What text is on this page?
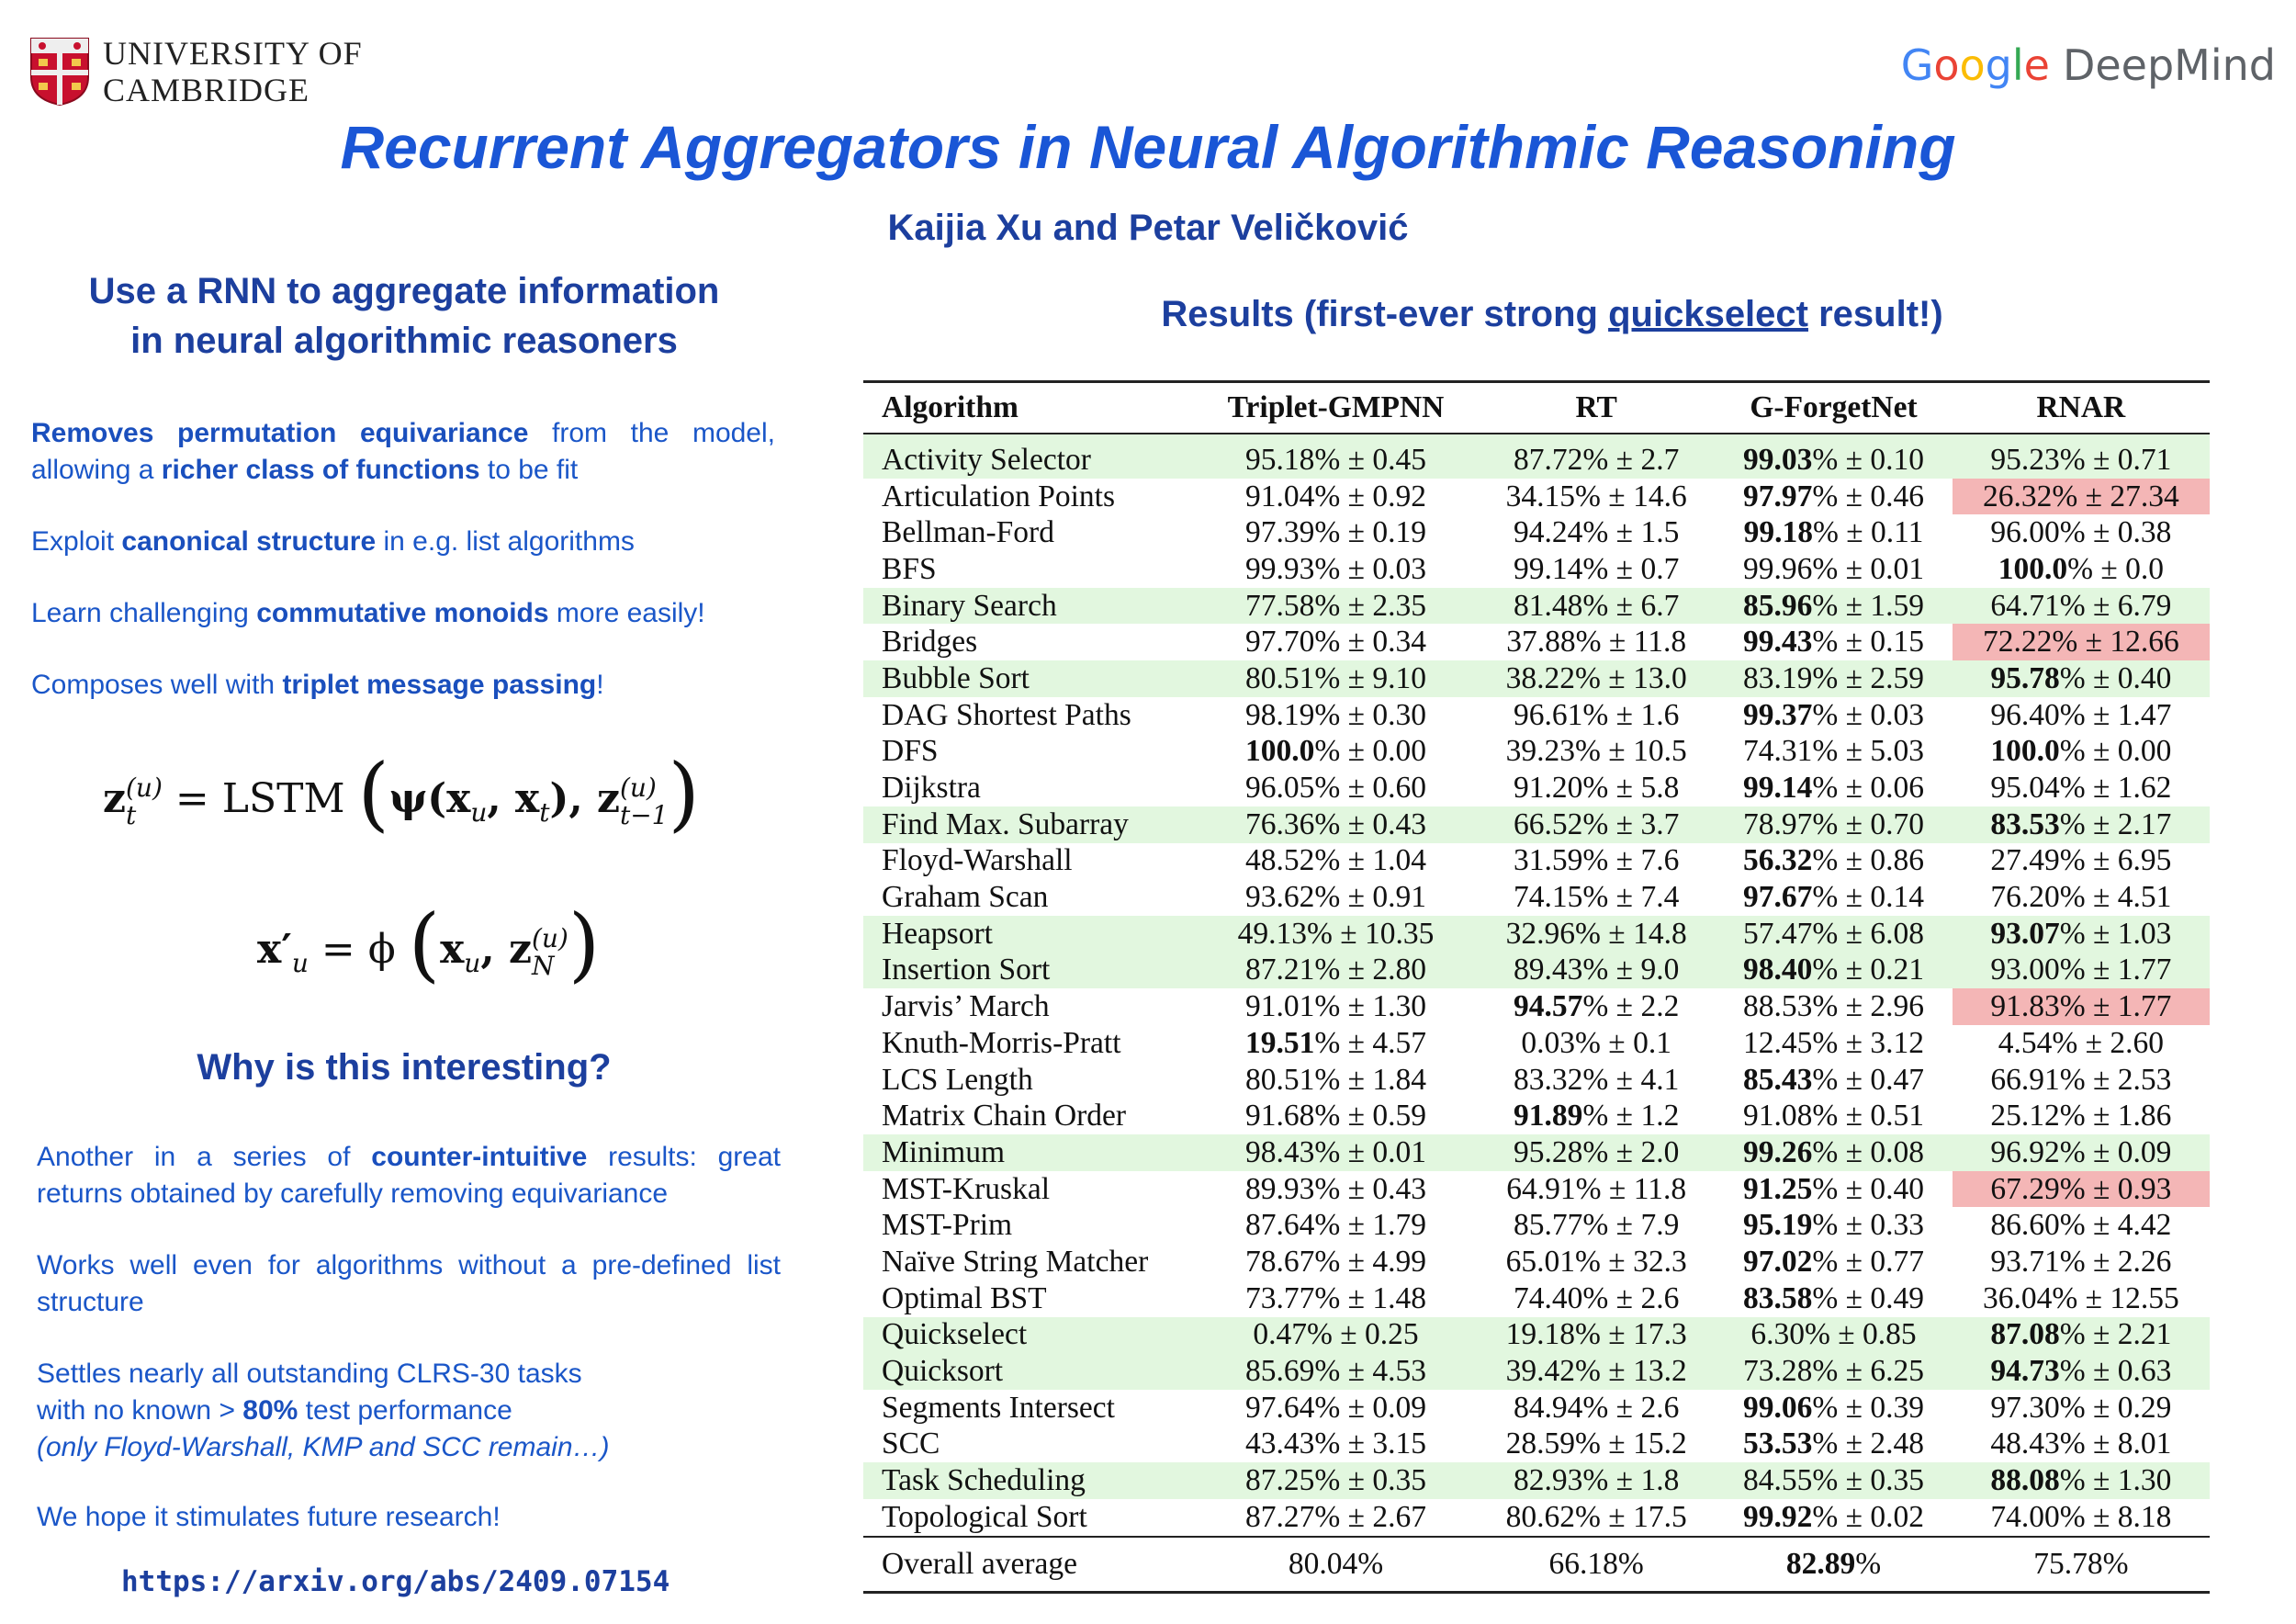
UNIVERSITY OF
CAMBRIDGE	G o o g l e DeepMind
Recurrent Aggregators in Neural Algorithmic Reasoning
Kaijia Xu and Petar Veličković
Use a RNN to aggregate information
in neural algorithmic reasoners
Removes permutation equivariance from the model, allowing a richer class of functions to be fit
Exploit canonical structure in e.g. list algorithms
Learn challenging commutative monoids more easily!
Composes well with triplet message passing!
z (u)
t = LSTM ($\psi(x_u$, $x_t$), z (u)
t−1 )
$x'_u = \phi$ ($x_u$, z (u)
N )
Why is this interesting?
Another in a series of counter-intuitive results: great returns obtained by carefully removing equivariance
Works well even for algorithms without a pre-defined list structure
Settles nearly all outstanding CLRS-30 tasks
with no known > 80% test performance
(only Floyd-Warshall, KMP and SCC remain…)
We hope it stimulates future research!
https://arxiv.org/abs/2409.07154
Results (first-ever strong quickselect result!)
Algorithm	Triplet-GMPNN	RT	G-ForgetNet	RNAR
Activity Selector	95.18% ± 0.45	87.72% ± 2.7	99.03% ± 0.10	95.23% ± 0.71
Articulation Points	91.04% ± 0.92	34.15% ± 14.6	97.97% ± 0.46	26.32% ± 27.34
Bellman-Ford	97.39% ± 0.19	94.24% ± 1.5	99.18% ± 0.11	96.00% ± 0.38
BFS	99.93% ± 0.03	99.14% ± 0.7	99.96% ± 0.01	100.0% ± 0.0
Binary Search	77.58% ± 2.35	81.48% ± 6.7	85.96% ± 1.59	64.71% ± 6.79
Bridges	97.70% ± 0.34	37.88% ± 11.8	99.43% ± 0.15	72.22% ± 12.66
Bubble Sort	80.51% ± 9.10	38.22% ± 13.0	83.19% ± 2.59	95.78% ± 0.40
DAG Shortest Paths	98.19% ± 0.30	96.61% ± 1.6	99.37% ± 0.03	96.40% ± 1.47
DFS	100.0% ± 0.00	39.23% ± 10.5	74.31% ± 5.03	100.0% ± 0.00
Dijkstra	96.05% ± 0.60	91.20% ± 5.8	99.14% ± 0.06	95.04% ± 1.62
Find Max. Subarray	76.36% ± 0.43	66.52% ± 3.7	78.97% ± 0.70	83.53% ± 2.17
Floyd-Warshall	48.52% ± 1.04	31.59% ± 7.6	56.32% ± 0.86	27.49% ± 6.95
Graham Scan	93.62% ± 0.91	74.15% ± 7.4	97.67% ± 0.14	76.20% ± 4.51
Heapsort	49.13% ± 10.35	32.96% ± 14.8	57.47% ± 6.08	93.07% ± 1.03
Insertion Sort	87.21% ± 2.80	89.43% ± 9.0	98.40% ± 0.21	93.00% ± 1.77
Jarvis’ March	91.01% ± 1.30	94.57% ± 2.2	88.53% ± 2.96	91.83% ± 1.77
Knuth-Morris-Pratt	19.51% ± 4.57	0.03% ± 0.1	12.45% ± 3.12	4.54% ± 2.60
LCS Length	80.51% ± 1.84	83.32% ± 4.1	85.43% ± 0.47	66.91% ± 2.53
Matrix Chain Order	91.68% ± 0.59	91.89% ± 1.2	91.08% ± 0.51	25.12% ± 1.86
Minimum	98.43% ± 0.01	95.28% ± 2.0	99.26% ± 0.08	96.92% ± 0.09
MST-Kruskal	89.93% ± 0.43	64.91% ± 11.8	91.25% ± 0.40	67.29% ± 0.93
MST-Prim	87.64% ± 1.79	85.77% ± 7.9	95.19% ± 0.33	86.60% ± 4.42
Naïve String Matcher	78.67% ± 4.99	65.01% ± 32.3	97.02% ± 0.77	93.71% ± 2.26
Optimal BST	73.77% ± 1.48	74.40% ± 2.6	83.58% ± 0.49	36.04% ± 12.55
Quickselect	0.47% ± 0.25	19.18% ± 17.3	6.30% ± 0.85	87.08% ± 2.21
Quicksort	85.69% ± 4.53	39.42% ± 13.2	73.28% ± 6.25	94.73% ± 0.63
Segments Intersect	97.64% ± 0.09	84.94% ± 2.6	99.06% ± 0.39	97.30% ± 0.29
SCC	43.43% ± 3.15	28.59% ± 15.2	53.53% ± 2.48	48.43% ± 8.01
Task Scheduling	87.25% ± 0.35	82.93% ± 1.8	84.55% ± 0.35	88.08% ± 1.30
Topological Sort	87.27% ± 2.67	80.62% ± 17.5	99.92% ± 0.02	74.00% ± 8.18
Overall average	80.04%	66.18%	82.89%	75.78%
